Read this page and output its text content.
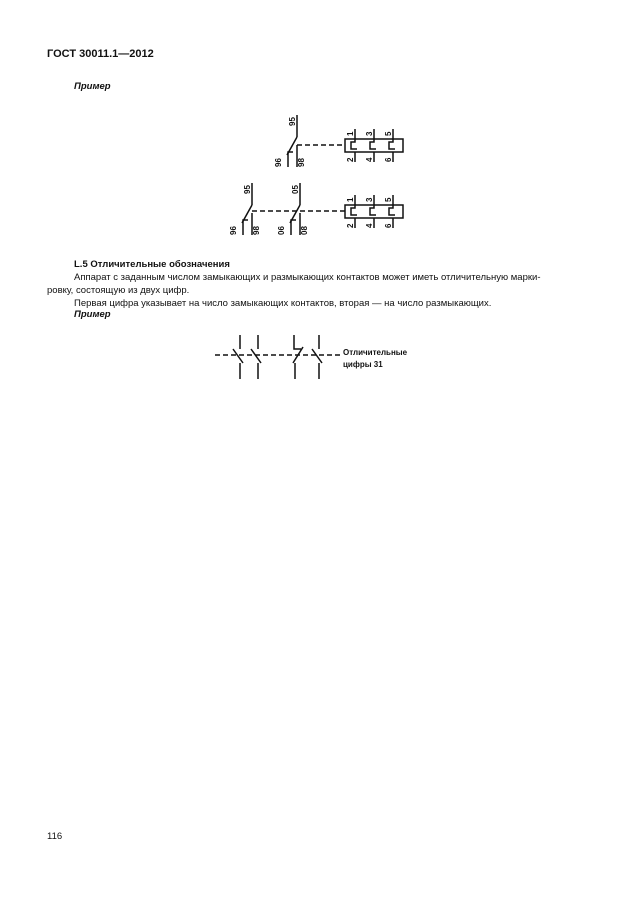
ГОСТ 30011.1—2012
Пример
95
96 98
1 3 5
2 4 6
95
96 98
05
06 08
1 3 5
2 4 6
L.5 Отличительные обозначения
Аппарат с заданным числом замыкающих и размыкающих контактов может иметь отличительную марки-
ровку, состоящую из двух цифр.
Первая цифра указывает на число замыкающих контактов, вторая — на число размыкающих.
Пример
Отличительные
цифры 31
116
